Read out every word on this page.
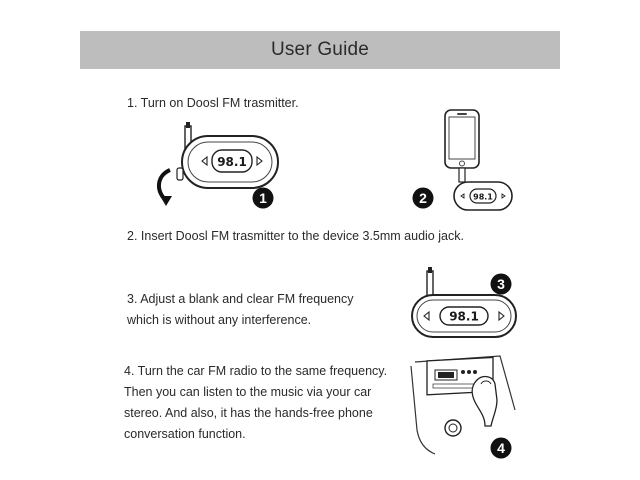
User Guide
1. Turn on Doosl FM trasmitter.
2. Insert Doosl FM trasmitter to the device 3.5mm audio jack.
3. Adjust a blank and clear FM frequency
which is without any interference.
4. Turn the car FM radio to the same frequency.
Then you can listen to the music via your car
stereo. And also, it has the hands-free phone
conversation function.
98.1
1	98.1
2
98.1
3
4
